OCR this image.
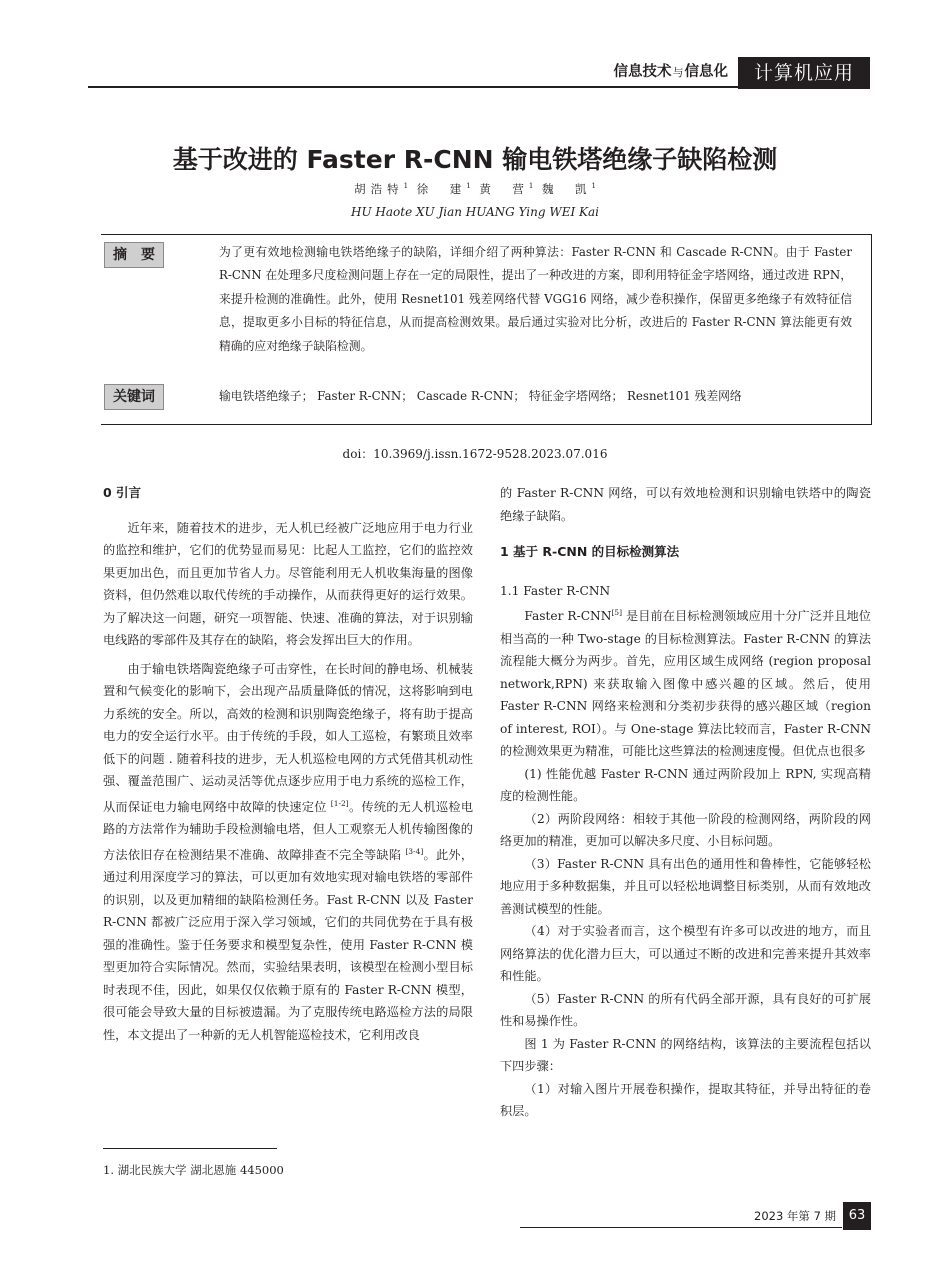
信息技术与信息化	计算机应用
基于改进的 Faster R-CNN 输电铁塔绝缘子缺陷检测
胡浩特$^1$ 徐　建$^1$ 黄　营$^1$ 魏　凯$^1$
HU Haote XU Jian HUANG Ying WEI Kai
摘　要	为了更有效地检测输电铁塔绝缘子的缺陷，详细介绍了两种算法：Faster R-CNN 和 Cascade R-CNN。由于 Faster R-CNN 在处理多尺度检测问题上存在一定的局限性，提出了一种改进的方案，即利用特征金字塔网络，通过改进 RPN，来提升检测的准确性。此外，使用 Resnet101 残差网络代替 VGG16 网络，减少卷积操作，保留更多绝缘子有效特征信息，提取更多小目标的特征信息，从而提高检测效果。最后通过实验对比分析，改进后的 Faster R-CNN 算法能更有效精确的应对绝缘子缺陷检测。
关键词	输电铁塔绝缘子； Faster R-CNN； Cascade R-CNN； 特征金字塔网络； Resnet101 残差网络
doi：10.3969/j.issn.1672-9528.2023.07.016
0 引言

近年来，随着技术的进步，无人机已经被广泛地应用于电力行业的监控和维护，它们的优势显而易见：比起人工监控，它们的监控效果更加出色，而且更加节省人力。尽管能利用无人机收集海量的图像资料，但仍然难以取代传统的手动操作，从而获得更好的运行效果。为了解决这一问题，研究一项智能、快速、准确的算法，对于识别输电线路的零部件及其存在的缺陷，将会发挥出巨大的作用。

由于输电铁塔陶瓷绝缘子可击穿性，在长时间的静电场、机械装置和气候变化的影响下，会出现产品质量降低的情况，这将影响到电力系统的安全。所以，高效的检测和识别陶瓷绝缘子，将有助于提高电力的安全运行水平。由于传统的手段，如人工巡检，有繁琐且效率低下的问题 . 随着科技的进步，无人机巡检电网的方式凭借其机动性强、覆盖范围广、运动灵活等优点逐步应用于电力系统的巡检工作，从而保证电力输电网络中故障的快速定位 [1-2]。传统的无人机巡检电路的方法常作为辅助手段检测输电塔，但人工观察无人机传输图像的方法依旧存在检测结果不准确、故障排查不完全等缺陷 [3-4]。此外，通过利用深度学习的算法，可以更加有效地实现对输电铁塔的零部件的识别，以及更加精细的缺陷检测任务。Fast R-CNN 以及 Faster R-CNN 都被广泛应用于深入学习领域，它们的共同优势在于具有极强的准确性。鉴于任务要求和模型复杂性，使用 Faster R-CNN 模型更加符合实际情况。然而，实验结果表明，该模型在检测小型目标时表现不佳，因此，如果仅仅依赖于原有的 Faster R-CNN 模型，很可能会导致大量的目标被遗漏。为了克服传统电路巡检方法的局限性，本文提出了一种新的无人机智能巡检技术，它利用改良

1. 湖北民族大学 湖北恩施 445000

的 Faster R-CNN 网络，可以有效地检测和识别输电铁塔中的陶瓷绝缘子缺陷。

1 基于 R-CNN 的目标检测算法

1.1 Faster R-CNN

Faster R-CNN[5] 是目前在目标检测领域应用十分广泛并且地位相当高的一种 Two-stage 的目标检测算法。Faster R-CNN 的算法流程能大概分为两步。首先，应用区域生成网络 (region proposal network,RPN) 来获取输入图像中感兴趣的区域。然后，使用 Faster R-CNN 网络来检测和分类初步获得的感兴趣区域（region of interest, ROI）。与 One-stage 算法比较而言，Faster R-CNN 的检测效果更为精准，可能比这些算法的检测速度慢。但优点也很多

(1) 性能优越 Faster R-CNN 通过两阶段加上 RPN, 实现高精度的检测性能。

（2）两阶段网络：相较于其他一阶段的检测网络，两阶段的网络更加的精准，更加可以解决多尺度、小目标问题。

（3）Faster R-CNN 具有出色的通用性和鲁棒性，它能够轻松地应用于多种数据集，并且可以轻松地调整目标类别，从而有效地改善测试模型的性能。

（4）对于实验者而言，这个模型有许多可以改进的地方，而且网络算法的优化潜力巨大，可以通过不断的改进和完善来提升其效率和性能。

（5）Faster R-CNN 的所有代码全部开源，具有良好的可扩展性和易操作性。

图 1 为 Faster R-CNN 的网络结构，该算法的主要流程包括以下四步骤：

（1）对输入图片开展卷积操作，提取其特征，并导出特征的卷积层。

2023 年第 7 期 63
